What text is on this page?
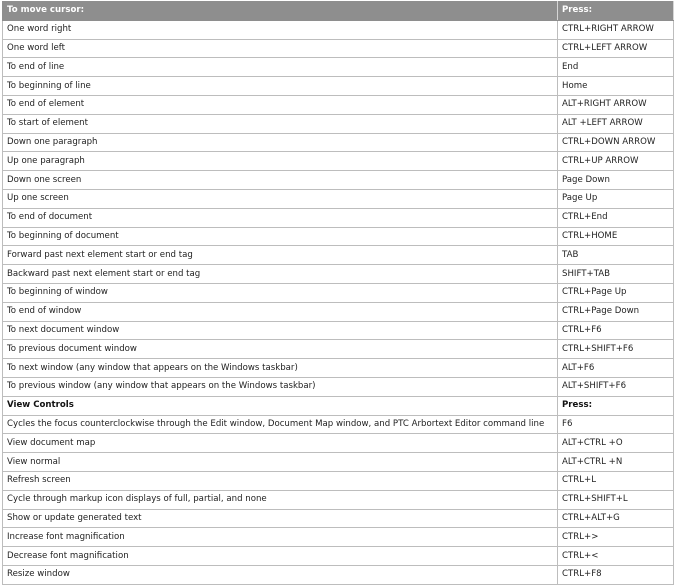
To move cursor:	Press:
One word right	CTRL+RIGHT ARROW
One word left	CTRL+LEFT ARROW
To end of line	End
To beginning of line	Home
To end of element	ALT+RIGHT ARROW
To start of element	ALT +LEFT ARROW
Down one paragraph	CTRL+DOWN ARROW
Up one paragraph	CTRL+UP ARROW
Down one screen	Page Down
Up one screen	Page Up
To end of document	CTRL+End
To beginning of document	CTRL+HOME
Forward past next element start or end tag	TAB
Backward past next element start or end tag	SHIFT+TAB
To beginning of window	CTRL+Page Up
To end of window	CTRL+Page Down
To next document window	CTRL+F6
To previous document window	CTRL+SHIFT+F6
To next window (any window that appears on the Windows taskbar)	ALT+F6
To previous window (any window that appears on the Windows taskbar)	ALT+SHIFT+F6
View Controls	Press:
Cycles the focus counterclockwise through the Edit window, Document Map window, and PTC Arbortext Editor command line	F6
View document map	ALT+CTRL +O
View normal	ALT+CTRL +N
Refresh screen	CTRL+L
Cycle through markup icon displays of full, partial, and none	CTRL+SHIFT+L
Show or update generated text	CTRL+ALT+G
Increase font magnification	CTRL+>
Decrease font magnification	CTRL+<
Resize window	CTRL+F8
